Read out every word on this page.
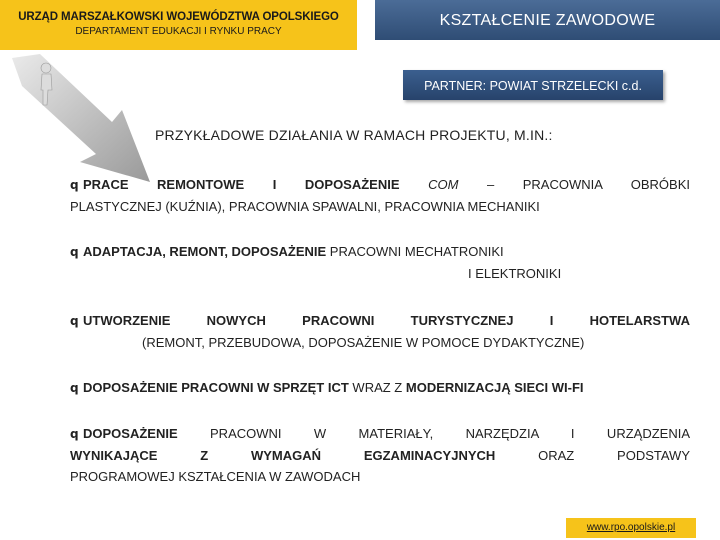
URZĄD MARSZAŁKOWSKI WOJEWÓDZTWA OPOLSKIEGO
DEPARTAMENT EDUKACJI I RYNKU PRACY
KSZTAŁCENIE ZAWODOWE
PARTNER: POWIAT STRZELECKI c.d.
PRZYKŁADOWE DZIAŁANIA W RAMACH PROJEKTU, M.IN.:
q PRACE REMONTOWE I DOPOSAŻENIE COM – PRACOWNIA OBRÓBKI
PLASTYCZNEJ (KUŹNIA), PRACOWNIA SPAWALNI, PRACOWNIA MECHANIKI
q ADAPTACJA, REMONT, DOPOSAŻENIE PRACOWNI MECHATRONIKI
I ELEKTRONIKI
q UTWORZENIE NOWYCH PRACOWNI TURYSTYCZNEJ I HOTELARSTWA
(REMONT, PRZEBUDOWA, DOPOSAŻENIE W POMOCE DYDAKTYCZNE)
q DOPOSAŻENIE PRACOWNI W SPRZĘT ICT WRAZ Z MODERNIZACJĄ SIECI WI-FI
q DOPOSAŻENIE PRACOWNI W MATERIAŁY, NARZĘDZIA I URZĄDZENIA
WYNIKAJĄCE Z WYMAGAŃ EGZAMINACYJNYCH	ORAZ PODSTAWY
PROGRAMOWEJ KSZTAŁCENIA W ZAWODACH
www.rpo.opolskie.pl
